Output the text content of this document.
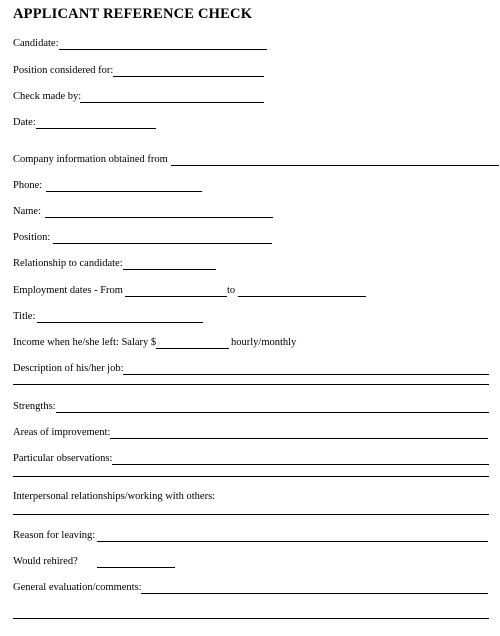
APPLICANT REFERENCE CHECK
Candidate:
Position considered for:
Check made by:
Date:
Company information obtained from
Phone:
Name:
Position:
Relationship to candidate:
Employment dates - From	to
Title:
Income when he/she left: Salary $	hourly/monthly
Description of his/her job:
Strengths:
Areas of improvement:
Particular observations:
Interpersonal relationships/working with others:
Reason for leaving:
Would rehired?
General evaluation/comments:
